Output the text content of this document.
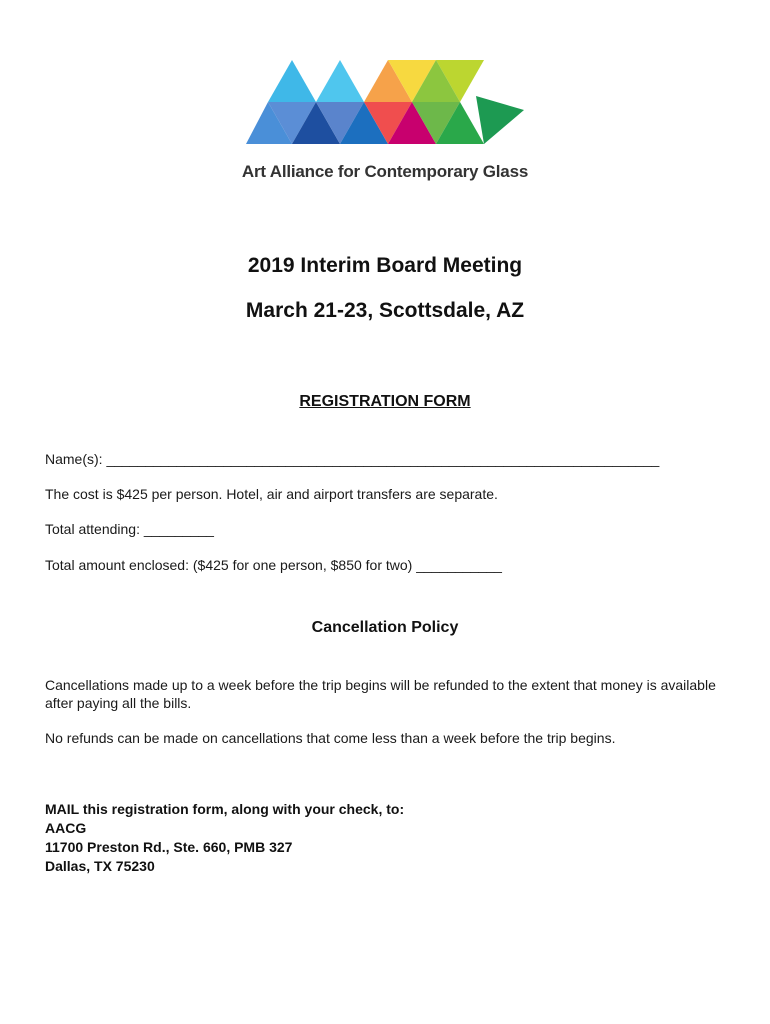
Art Alliance for Contemporary Glass
2019 Interim Board Meeting
March 21-23, Scottsdale, AZ
REGISTRATION FORM
Name(s): _______________________________________________________________________
The cost is $425 per person. Hotel, air and airport transfers are separate.
Total attending: _________
Total amount enclosed: ($425 for one person, $850 for two) ___________
Cancellation Policy
Cancellations made up to a week before the trip begins will be refunded to the extent that money is available after paying all the bills.
No refunds can be made on cancellations that come less than a week before the trip begins.
MAIL this registration form, along with your check, to:
AACG
11700 Preston Rd., Ste. 660, PMB 327
Dallas, TX 75230
